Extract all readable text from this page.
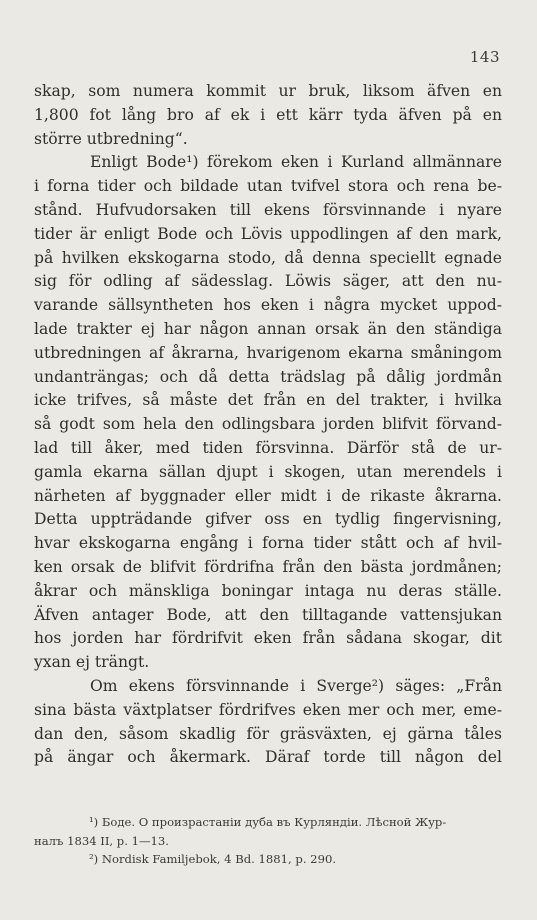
143
skap, som numera kommit ur bruk, liksom äfven en
1,800 fot lång bro af ek i ett kärr tyda äfven på en
större utbredning“.
Enligt Bode¹) förekom eken i Kurland allmännare
i forna tider och bildade utan tvifvel stora och rena be-
stånd. Hufvudorsaken till ekens försvinnande i nyare
tider är enligt Bode och Lövis uppodlingen af den mark,
på hvilken ekskogarna stodo, då denna speciellt egnade
sig för odling af sädesslag. Löwis säger, att den nu-
varande sällsyntheten hos eken i några mycket uppod-
lade trakter ej har någon annan orsak än den ständiga
utbredningen af åkrarna, hvarigenom ekarna småningom
undanträngas; och då detta trädslag på dålig jordmån
icke trifves, så måste det från en del trakter, i hvilka
så godt som hela den odlingsbara jorden blifvit förvand-
lad till åker, med tiden försvinna. Därför stå de ur-
gamla ekarna sällan djupt i skogen, utan merendels i
närheten af byggnader eller midt i de rikaste åkrarna.
Detta uppträdande gifver oss en tydlig fingervisning,
hvar ekskogarna engång i forna tider stått och af hvil-
ken orsak de blifvit fördrifna från den bästa jordmånen;
åkrar och mänskliga boningar intaga nu deras ställe.
Äfven antager Bode, att den tilltagande vattensjukan
hos jorden har fördrifvit eken från sådana skogar, dit
yxan ej trängt.
Om ekens försvinnande i Sverge²) säges: „Från
sina bästa växtplatser fördrifves eken mer och mer, eme-
dan den, såsom skadlig för gräsväxten, ej gärna tåles
på ängar och åkermark. Däraf torde till någon del
¹) Боде. О произрастаніи дуба въ Курляндіи. Лѣсной Жур-
налъ 1834 II, p. 1—13.
²) Nordisk Familjebok, 4 Bd. 1881, p. 290.
